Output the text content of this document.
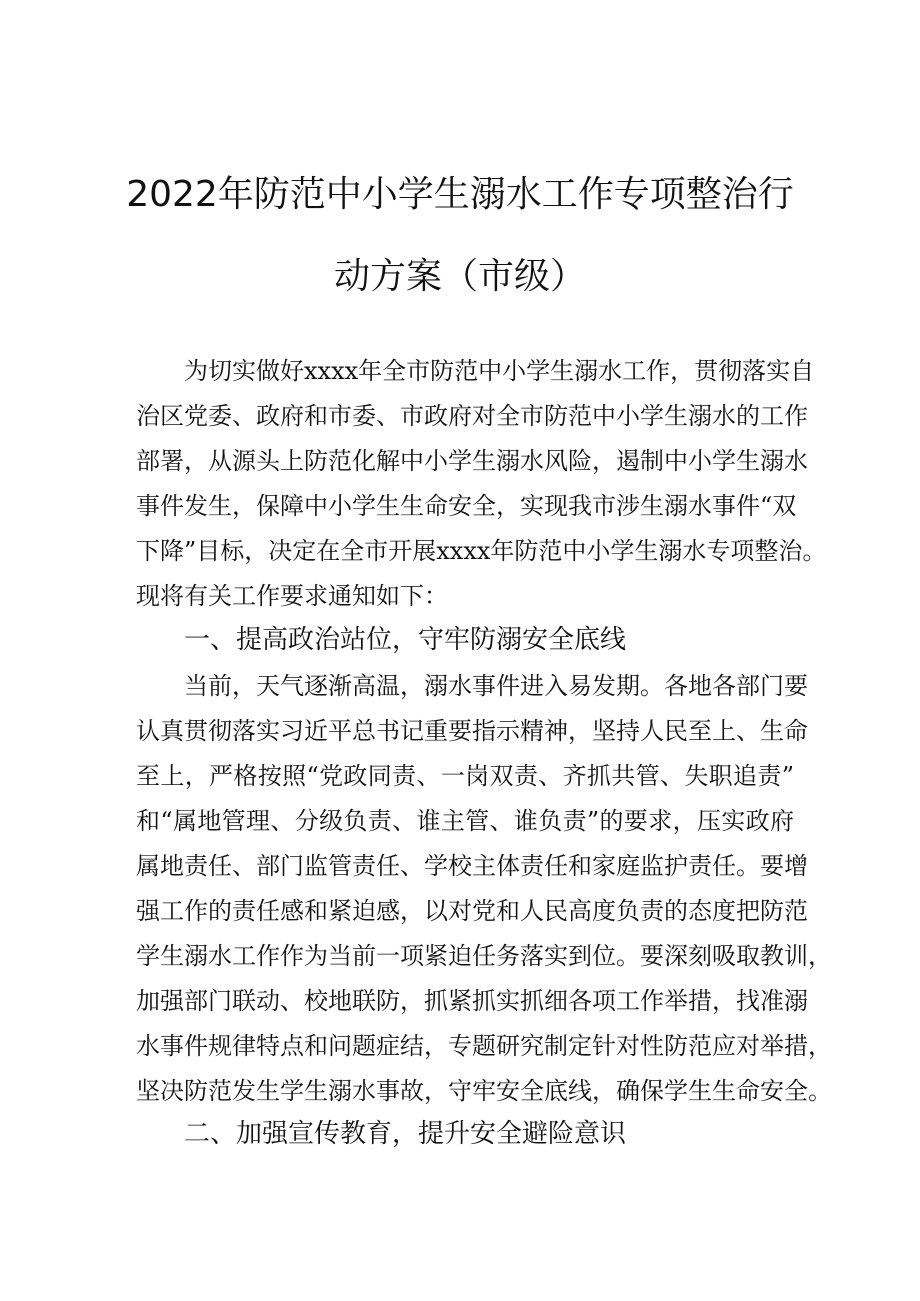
2022年防范中小学生溺水工作专项整治行
动方案（市级）
为切实做好xxxx年全市防范中小学生溺水工作，贯彻落实自
治区党委、政府和市委、市政府对全市防范中小学生溺水的工作
部署，从源头上防范化解中小学生溺水风险，遏制中小学生溺水
事件发生，保障中小学生生命安全，实现我市涉生溺水事件“双
下降”目标，决定在全市开展xxxx年防范中小学生溺水专项整治。
现将有关工作要求通知如下：
一、提高政治站位，守牢防溺安全底线
当前，天气逐渐高温，溺水事件进入易发期。各地各部门要
认真贯彻落实习近平总书记重要指示精神，坚持人民至上、生命
至上，严格按照“党政同责、一岗双责、齐抓共管、失职追责”
和“属地管理、分级负责、谁主管、谁负责”的要求，压实政府
属地责任、部门监管责任、学校主体责任和家庭监护责任。要增
强工作的责任感和紧迫感，以对党和人民高度负责的态度把防范
学生溺水工作作为当前一项紧迫任务落实到位。要深刻吸取教训，
加强部门联动、校地联防，抓紧抓实抓细各项工作举措，找准溺
水事件规律特点和问题症结，专题研究制定针对性防范应对举措，
坚决防范发生学生溺水事故，守牢安全底线，确保学生生命安全。
二、加强宣传教育，提升安全避险意识
